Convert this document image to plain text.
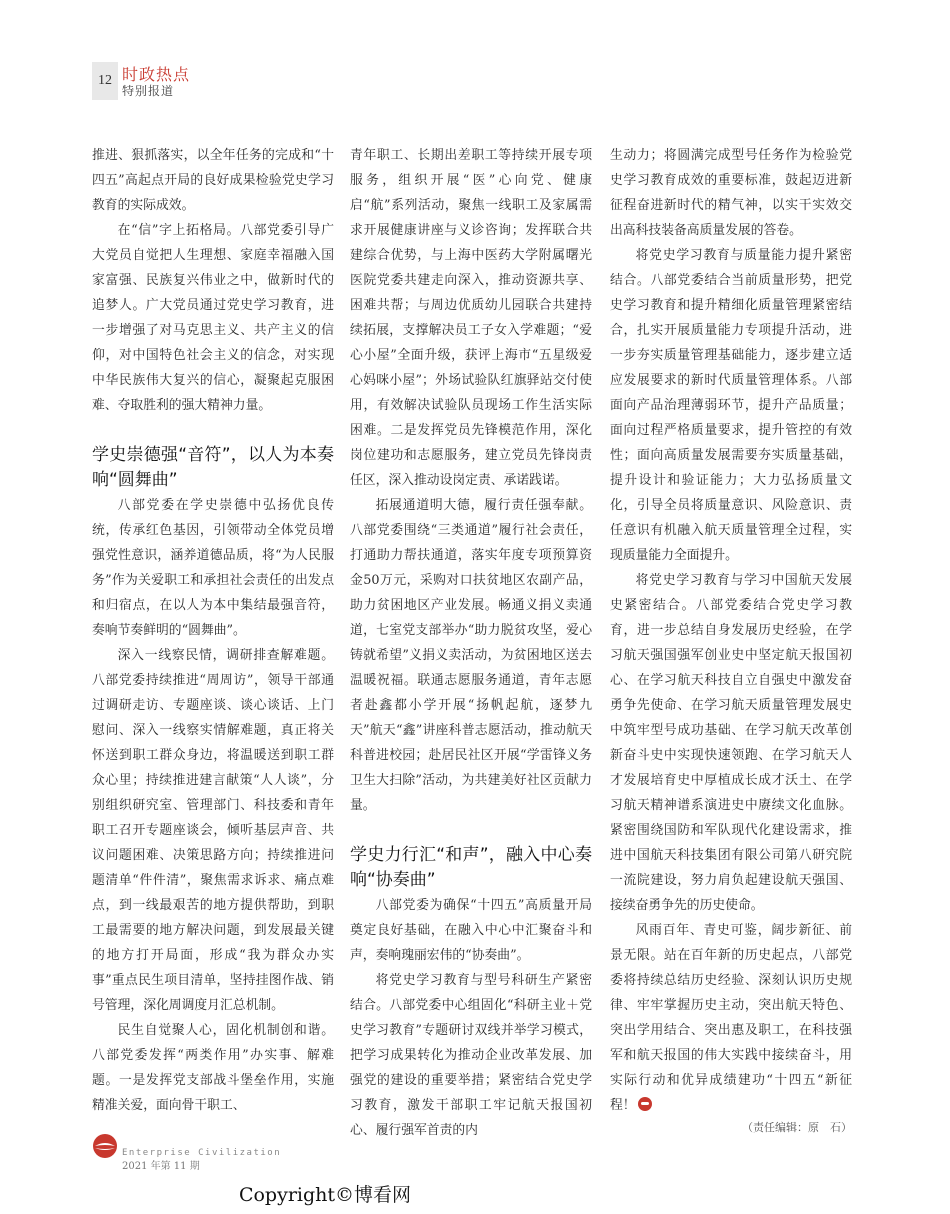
12 时政热点
特别报道

推进、狠抓落实，以全年任务的完成和“十四五”高起点开局的良好成果检验党史学习教育的实际成效。

在“信”字上拓格局。八部党委引导广大党员自觉把人生理想、家庭幸福融入国家富强、民族复兴伟业之中，做新时代的追梦人。广大党员通过党史学习教育，进一步增强了对马克思主义、共产主义的信仰，对中国特色社会主义的信念，对实现中华民族伟大复兴的信心，凝聚起克服困难、夺取胜利的强大精神力量。

学史崇德强“音符”，以人为本奏响“圆舞曲”

八部党委在学史崇德中弘扬优良传统，传承红色基因，引领带动全体党员增强党性意识，涵养道德品质，将“为人民服务”作为关爱职工和承担社会责任的出发点和归宿点，在以人为本中集结最强音符，奏响节奏鲜明的“圆舞曲”。

深入一线察民情，调研排查解难题。八部党委持续推进“周周访”，领导干部通过调研走访、专题座谈、谈心谈话、上门慰问、深入一线察实情解难题，真正将关怀送到职工群众身边，将温暖送到职工群众心里；持续推进建言献策“人人谈”，分别组织研究室、管理部门、科技委和青年职工召开专题座谈会，倾听基层声音、共议问题困难、决策思路方向；持续推进问题清单“件件清”，聚焦需求诉求、痛点难点，到一线最艰苦的地方提供帮助，到职工最需要的地方解决问题，到发展最关键的地方打开局面，形成“我为群众办实事”重点民生项目清单，坚持挂图作战、销号管理，深化周调度月汇总机制。

民生自觉聚人心，固化机制创和谐。八部党委发挥“两类作用”办实事、解难题。一是发挥党支部战斗堡垒作用，实施精准关爱，面向骨干职工、

青年职工、长期出差职工等持续开展专项服务，组织开展“医”心向党、健康启“航”系列活动，聚焦一线职工及家属需求开展健康讲座与义诊咨询；发挥联合共建综合优势，与上海中医药大学附属曙光医院党委共建走向深入，推动资源共享、困难共帮；与周边优质幼儿园联合共建持续拓展，支撑解决员工子女入学难题；“爱心小屋”全面升级，获评上海市“五星级爱心妈咪小屋”；外场试验队红旗驿站交付使用，有效解决试验队员现场工作生活实际困难。二是发挥党员先锋模范作用，深化岗位建功和志愿服务，建立党员先锋岗责任区，深入推动设岗定责、承诺践诺。

拓展通道明大德，履行责任强奉献。八部党委围绕“三类通道”履行社会责任，打通助力帮扶通道，落实年度专项预算资金50万元，采购对口扶贫地区农副产品，助力贫困地区产业发展。畅通义捐义卖通道，七室党支部举办“助力脱贫攻坚，爱心铸就希望”义捐义卖活动，为贫困地区送去温暖祝福。联通志愿服务通道，青年志愿者赴鑫都小学开展“扬帆起航，逐梦九天”航天“鑫”讲座科普志愿活动，推动航天科普进校园；赴居民社区开展“学雷锋义务卫生大扫除”活动，为共建美好社区贡献力量。

学史力行汇“和声”，融入中心奏响“协奏曲”

八部党委为确保“十四五”高质量开局奠定良好基础，在融入中心中汇聚奋斗和声，奏响瑰丽宏伟的“协奏曲”。

将党史学习教育与型号科研生产紧密结合。八部党委中心组固化“科研主业＋党史学习教育”专题研讨双线并举学习模式，把学习成果转化为推动企业改革发展、加强党的建设的重要举措；紧密结合党史学习教育，激发干部职工牢记航天报国初心、履行强军首责的内

生动力；将圆满完成型号任务作为检验党史学习教育成效的重要标准，鼓起迈进新征程奋进新时代的精气神，以实干实效交出高科技装备高质量发展的答卷。

将党史学习教育与质量能力提升紧密结合。八部党委结合当前质量形势，把党史学习教育和提升精细化质量管理紧密结合，扎实开展质量能力专项提升活动，进一步夯实质量管理基础能力，逐步建立适应发展要求的新时代质量管理体系。八部面向产品治理薄弱环节，提升产品质量；面向过程严格质量要求，提升管控的有效性；面向高质量发展需要夯实质量基础，提升设计和验证能力；大力弘扬质量文化，引导全员将质量意识、风险意识、责任意识有机融入航天质量管理全过程，实现质量能力全面提升。

将党史学习教育与学习中国航天发展史紧密结合。八部党委结合党史学习教育，进一步总结自身发展历史经验，在学习航天强国强军创业史中坚定航天报国初心、在学习航天科技自立自强史中激发奋勇争先使命、在学习航天质量管理发展史中筑牢型号成功基础、在学习航天改革创新奋斗史中实现快速领跑、在学习航天人才发展培育史中厚植成长成才沃土、在学习航天精神谱系演进史中赓续文化血脉。紧密围绕国防和军队现代化建设需求，推进中国航天科技集团有限公司第八研究院一流院建设，努力肩负起建设航天强国、接续奋勇争先的历史使命。

风雨百年、青史可鉴，阔步新征、前景无限。站在百年新的历史起点，八部党委将持续总结历史经验、深刻认识历史规律、牢牢掌握历史主动，突出航天特色、突出学用结合、突出惠及职工，在科技强军和航天报国的伟大实践中接续奋斗，用实际行动和优异成绩建功“十四五“新征程！

（责任编辑：原　石）

Enterprise Civilization
2021 年第 11 期
Copyright©博看网
